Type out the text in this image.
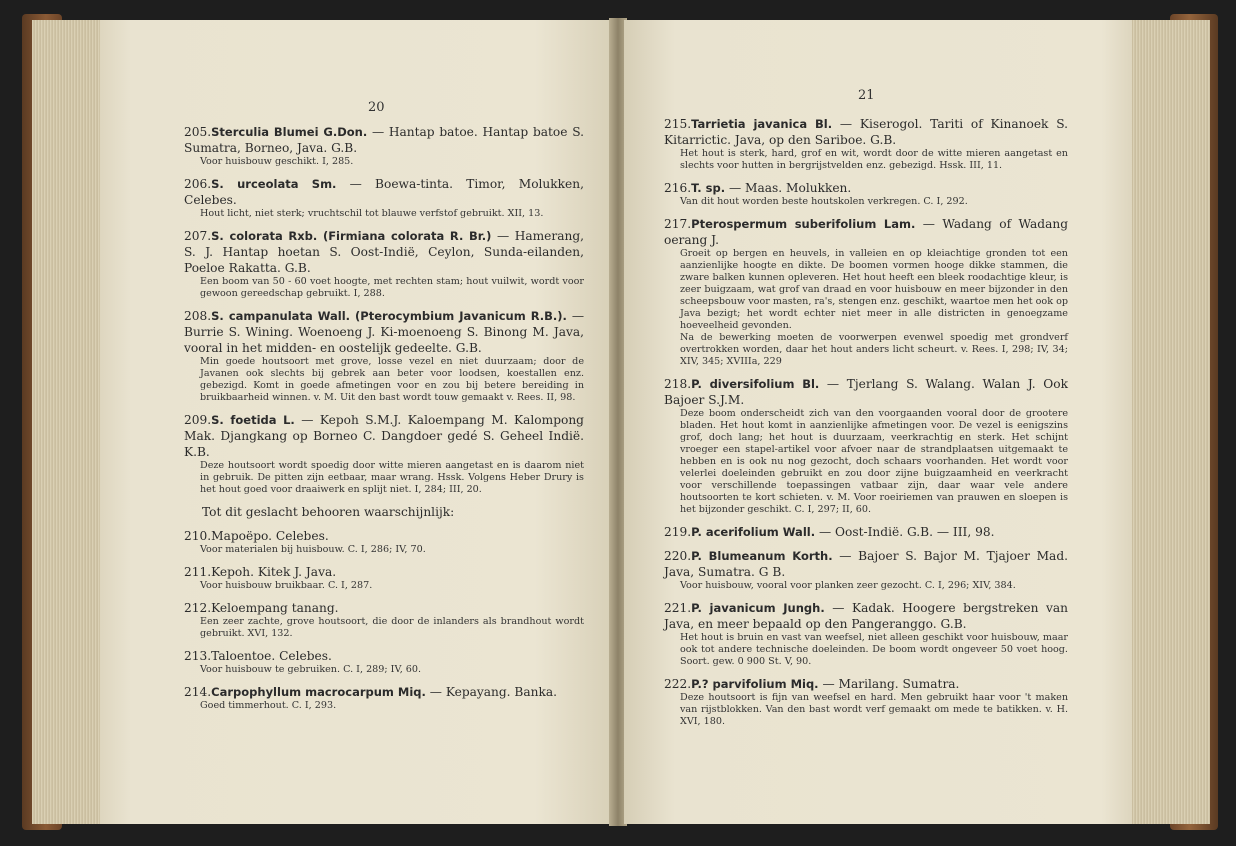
20
205.Sterculia Blumei G.Don. — Hantap batoe. Hantap batoe S. Sumatra, Borneo, Java. G.B.
Voor huisbouw geschikt. I, 285.
206.S. urceolata Sm. — Boewa-tinta. Timor, Molukken, Celebes.
Hout licht, niet sterk; vruchtschil tot blauwe verfstof gebruikt. XII, 13.
207.S. colorata Rxb. (Firmiana colorata R. Br.) — Hamerang, S. J. Hantap hoetan S. Oost-Indië, Ceylon, Sunda-eilanden, Poeloe Rakatta. G.B.
Een boom van 50 - 60 voet hoogte, met rechten stam; hout vuilwit, wordt voor gewoon gereedschap gebruikt. I, 288.
208.S. campanulata Wall. (Pterocymbium Javanicum R.B.). — Burrie S. Wining. Woenoeng J. Ki-moenoeng S. Binong M. Java, vooral in het midden- en oostelijk gedeelte. G.B.
Min goede houtsoort met grove, losse vezel en niet duurzaam; door de Javanen ook slechts bij gebrek aan beter voor loodsen, koestallen enz. gebezigd. Komt in goede afmetingen voor en zou bij betere bereiding in bruikbaarheid winnen. v. M. Uit den bast wordt touw gemaakt v. Rees. II, 98.
209.S. foetida L. — Kepoh S.M.J. Kaloempang M. Kalompong Mak. Djangkang op Borneo C. Dangdoer gedé S. Geheel Indië. K.B.
Deze houtsoort wordt spoedig door witte mieren aangetast en is daarom niet in gebruik. De pitten zijn eetbaar, maar wrang. Hssk. Volgens Heber Drury is het hout goed voor draaiwerk en splijt niet. I, 284; III, 20.
Tot dit geslacht behooren waarschijnlijk:
210.Mapoëpo. Celebes.
Voor materialen bij huisbouw. C. I, 286; IV, 70.
211.Kepoh. Kitek J. Java.
Voor huisbouw bruikbaar. C. I, 287.
212.Keloempang tanang.
Een zeer zachte, grove houtsoort, die door de inlanders als brandhout wordt gebruikt. XVI, 132.
213.Taloentoe. Celebes.
Voor huisbouw te gebruiken. C. I, 289; IV, 60.
214.Carpophyllum macrocarpum Miq. — Kepayang. Banka.
Goed timmerhout. C. I, 293.
21
215.Tarrietia javanica Bl. — Kiserogol. Tariti of Kinanoek S. Kitarrictic. Java, op den Sariboe. G.B.
Het hout is sterk, hard, grof en wit, wordt door de witte mieren aangetast en slechts voor hutten in bergrijstvelden enz. gebezigd. Hssk. III, 11.
216.T. sp. — Maas. Molukken.
Van dit hout worden beste houtskolen verkregen. C. I, 292.
217.Pterospermum suberifolium Lam. — Wadang of Wadang oerang J.
Groeit op bergen en heuvels, in valleien en op kleiachtige gronden tot een aanzienlijke hoogte en dikte. De boomen vormen hooge dikke stammen, die zware balken kunnen opleveren. Het hout heeft een bleek roodachtige kleur, is zeer buigzaam, wat grof van draad en voor huisbouw en meer bijzonder in den scheepsbouw voor masten, ra's, stengen enz. geschikt, waartoe men het ook op Java bezigt; het wordt echter niet meer in alle districten in genoegzame hoeveelheid gevonden.
Na de bewerking moeten de voorwerpen evenwel spoedig met grondverf overtrokken worden, daar het hout anders licht scheurt. v. Rees. I, 298; IV, 34; XIV, 345; XVIIIa, 229
218.P. diversifolium Bl. — Tjerlang S. Walang. Walan J. Ook Bajoer S.J.M.
Deze boom onderscheidt zich van den voorgaanden vooral door de grootere bladen. Het hout komt in aanzienlijke afmetingen voor. De vezel is eenigszins grof, doch lang; het hout is duurzaam, veerkrachtig en sterk. Het schijnt vroeger een stapel-artikel voor afvoer naar de strandplaatsen uitgemaakt te hebben en is ook nu nog gezocht, doch schaars voorhanden. Het wordt voor velerlei doeleinden gebruikt en zou door zijne buigzaamheid en veerkracht voor verschillende toepassingen vatbaar zijn, daar waar vele andere houtsoorten te kort schieten. v. M. Voor roeiriemen van prauwen en sloepen is het bijzonder geschikt. C. I, 297; II, 60.
219.P. acerifolium Wall. — Oost-Indië. G.B. — III, 98.
220.P. Blumeanum Korth. — Bajoer S. Bajor M. Tjajoer Mad. Java, Sumatra. G B.
Voor huisbouw, vooral voor planken zeer gezocht. C. I, 296; XIV, 384.
221.P. javanicum Jungh. — Kadak. Hoogere bergstreken van Java, en meer bepaald op den Pangeranggo. G.B.
Het hout is bruin en vast van weefsel, niet alleen geschikt voor huisbouw, maar ook tot andere technische doeleinden. De boom wordt ongeveer 50 voet hoog. Soort. gew. 0 900 St. V, 90.
222.P.? parvifolium Miq. — Marilang. Sumatra.
Deze houtsoort is fijn van weefsel en hard. Men gebruikt haar voor 't maken van rijstblokken. Van den bast wordt verf gemaakt om mede te batikken. v. H. XVI, 180.
